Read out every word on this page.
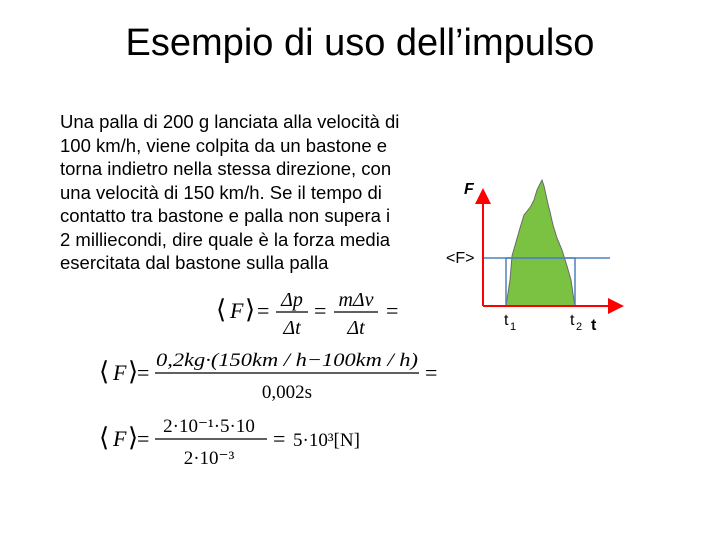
Esempio di uso dell’impulso
Una palla di 200 g lanciata alla velocità di
100 km/h, viene colpita da un bastone e
torna indietro nella stessa direzione, con
una velocità di 150 km/h. Se il tempo di
contatto tra bastone e palla non supera i
2 milliecondi, dire quale è la forza media
esercitata dal bastone sulla palla
⟨ F ⟩ = Δp
Δt
= mΔv
Δt
=
⟨ F ⟩
= 0,2kg·(150km / h−100km / h)
0,002s
=
⟨ F ⟩
= 2·10⁻¹·5·10
2·10⁻³
= 5·10³[N]
F
<F>
t 1	t 2 t
